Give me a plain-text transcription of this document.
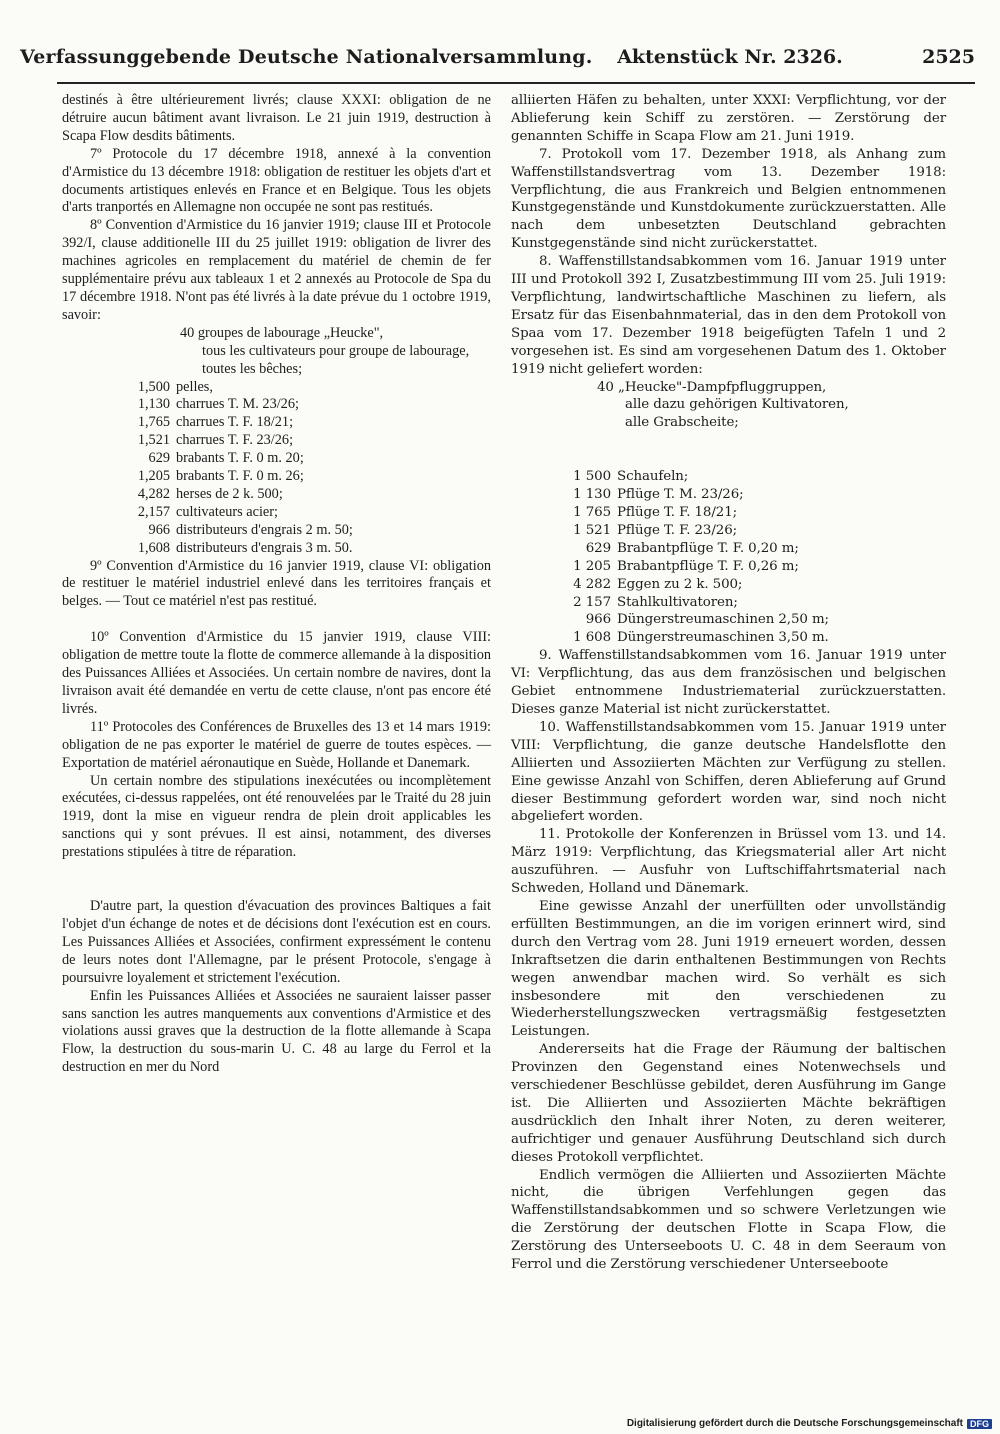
Verfassunggebende Deutsche Nationalversammlung. Aktenstück Nr. 2326.	2525

destinés à être ultérieurement livrés; clause XXXI: obligation de ne détruire aucun bâtiment avant livraison. Le 21 juin 1919, destruction à Scapa Flow desdits bâtiments.

7º Protocole du 17 décembre 1918, annexé à la convention d'Armistice du 13 décembre 1918: obligation de restituer les objets d'art et documents artistiques enlevés en France et en Belgique. Tous les objets d'arts tranportés en Allemagne non occupée ne sont pas restitués.

8º Convention d'Armistice du 16 janvier 1919; clause III et Protocole 392/I, clause additionelle III du 25 juillet 1919: obligation de livrer des machines agricoles en remplacement du matériel de chemin de fer supplémentaire prévu aux tableaux 1 et 2 annexés au Protocole de Spa du 17 décembre 1918. N'ont pas été livrés à la date prévue du 1 octobre 1919, savoir:

40 groupes de labourage „Heucke",
tous les cultivateurs pour groupe de labourage,
toutes les bêches;
1,500 pelles,
1,130 charrues T. M. 23/26;
1,765 charrues T. F. 18/21;
1,521 charrues T. F. 23/26;
629 brabants T. F. 0 m. 20;
1,205 brabants T. F. 0 m. 26;
4,282 herses de 2 k. 500;
2,157 cultivateurs acier;
966 distributeurs d'engrais 2 m. 50;
1,608 distributeurs d'engrais 3 m. 50.

9º Convention d'Armistice du 16 janvier 1919, clause VI: obligation de restituer le matériel industriel enlevé dans les territoires français et belges. — Tout ce matériel n'est pas restitué.

10º Convention d'Armistice du 15 janvier 1919, clause VIII: obligation de mettre toute la flotte de commerce allemande à la disposition des Puissances Alliées et Associées. Un certain nombre de navires, dont la livraison avait été demandée en vertu de cette clause, n'ont pas encore été livrés.

11º Protocoles des Conférences de Bruxelles des 13 et 14 mars 1919: obligation de ne pas exporter le matériel de guerre de toutes espèces. — Exportation de matériel aéronautique en Suède, Hollande et Danemark.

Un certain nombre des stipulations inexécutées ou incomplètement exécutées, ci-dessus rappelées, ont été renouvelées par le Traité du 28 juin 1919, dont la mise en vigueur rendra de plein droit applicables les sanctions qui y sont prévues. Il est ainsi, notamment, des diverses prestations stipulées à titre de réparation.

D'autre part, la question d'évacuation des provinces Baltiques a fait l'objet d'un échange de notes et de décisions dont l'exécution est en cours. Les Puissances Alliées et Associées, confirment expressément le contenu de leurs notes dont l'Allemagne, par le présent Protocole, s'engage à poursuivre loyalement et strictement l'exécution.

Enfin les Puissances Alliées et Associées ne sauraient laisser passer sans sanction les autres manquements aux conventions d'Armistice et des violations aussi graves que la destruction de la flotte allemande à Scapa Flow, la destruction du sous-marin U. C. 48 au large du Ferrol et la destruction en mer du Nord

alliierten Häfen zu behalten, unter XXXI: Verpflichtung, vor der Ablieferung kein Schiff zu zerstören. — Zerstörung der genannten Schiffe in Scapa Flow am 21. Juni 1919.

7. Protokoll vom 17. Dezember 1918, als Anhang zum Waffenstillstandsvertrag vom 13. Dezember 1918: Verpflichtung, die aus Frankreich und Belgien entnommenen Kunstgegenstände und Kunstdokumente zurückzuerstatten. Alle nach dem unbesetzten Deutschland gebrachten Kunstgegenstände sind nicht zurückerstattet.

8. Waffenstillstandsabkommen vom 16. Januar 1919 unter III und Protokoll 392 I, Zusatzbestimmung III vom 25. Juli 1919: Verpflichtung, landwirtschaftliche Maschinen zu liefern, als Ersatz für das Eisenbahnmaterial, das in den dem Protokoll von Spaa vom 17. Dezember 1918 beigefügten Tafeln 1 und 2 vorgesehen ist. Es sind am vorgesehenen Datum des 1. Oktober 1919 nicht geliefert worden:

40 „Heucke"-Dampfpfluggruppen,
alle dazu gehörigen Kultivatoren,
alle Grabscheite;
1 500 Schaufeln;
1 130 Pflüge T. M. 23/26;
1 765 Pflüge T. F. 18/21;
1 521 Pflüge T. F. 23/26;
629 Brabantpflüge T. F. 0,20 m;
1 205 Brabantpflüge T. F. 0,26 m;
4 282 Eggen zu 2 k. 500;
2 157 Stahlkultivatoren;
966 Düngerstreumaschinen 2,50 m;
1 608 Düngerstreumaschinen 3,50 m.

9. Waffenstillstandsabkommen vom 16. Januar 1919 unter VI: Verpflichtung, das aus dem französischen und belgischen Gebiet entnommene Industriematerial zurückzuerstatten. Dieses ganze Material ist nicht zurückerstattet.

10. Waffenstillstandsabkommen vom 15. Januar 1919 unter VIII: Verpflichtung, die ganze deutsche Handelsflotte den Alliierten und Assoziierten Mächten zur Verfügung zu stellen. Eine gewisse Anzahl von Schiffen, deren Ablieferung auf Grund dieser Bestimmung gefordert worden war, sind noch nicht abgeliefert worden.

11. Protokolle der Konferenzen in Brüssel vom 13. und 14. März 1919: Verpflichtung, das Kriegsmaterial aller Art nicht auszuführen. — Ausfuhr von Luftschiffahrtsmaterial nach Schweden, Holland und Dänemark.

Eine gewisse Anzahl der unerfüllten oder unvollständig erfüllten Bestimmungen, an die im vorigen erinnert wird, sind durch den Vertrag vom 28. Juni 1919 erneuert worden, dessen Inkraftsetzen die darin enthaltenen Bestimmungen von Rechts wegen anwendbar machen wird. So verhält es sich insbesondere mit den verschiedenen zu Wiederherstellungszwecken vertragsmäßig festgesetzten Leistungen.

Andererseits hat die Frage der Räumung der baltischen Provinzen den Gegenstand eines Notenwechsels und verschiedener Beschlüsse gebildet, deren Ausführung im Gange ist. Die Alliierten und Assoziierten Mächte bekräftigen ausdrücklich den Inhalt ihrer Noten, zu deren weiterer, aufrichtiger und genauer Ausführung Deutschland sich durch dieses Protokoll verpflichtet.

Endlich vermögen die Alliierten und Assoziierten Mächte nicht, die übrigen Verfehlungen gegen das Waffenstillstandsabkommen und so schwere Verletzungen wie die Zerstörung der deutschen Flotte in Scapa Flow, die Zerstörung des Unterseeboots U. C. 48 in dem Seeraum von Ferrol und die Zerstörung verschiedener Unterseeboote

Digitalisierung gefördert durch die Deutsche Forschungsgemeinschaft DFG
